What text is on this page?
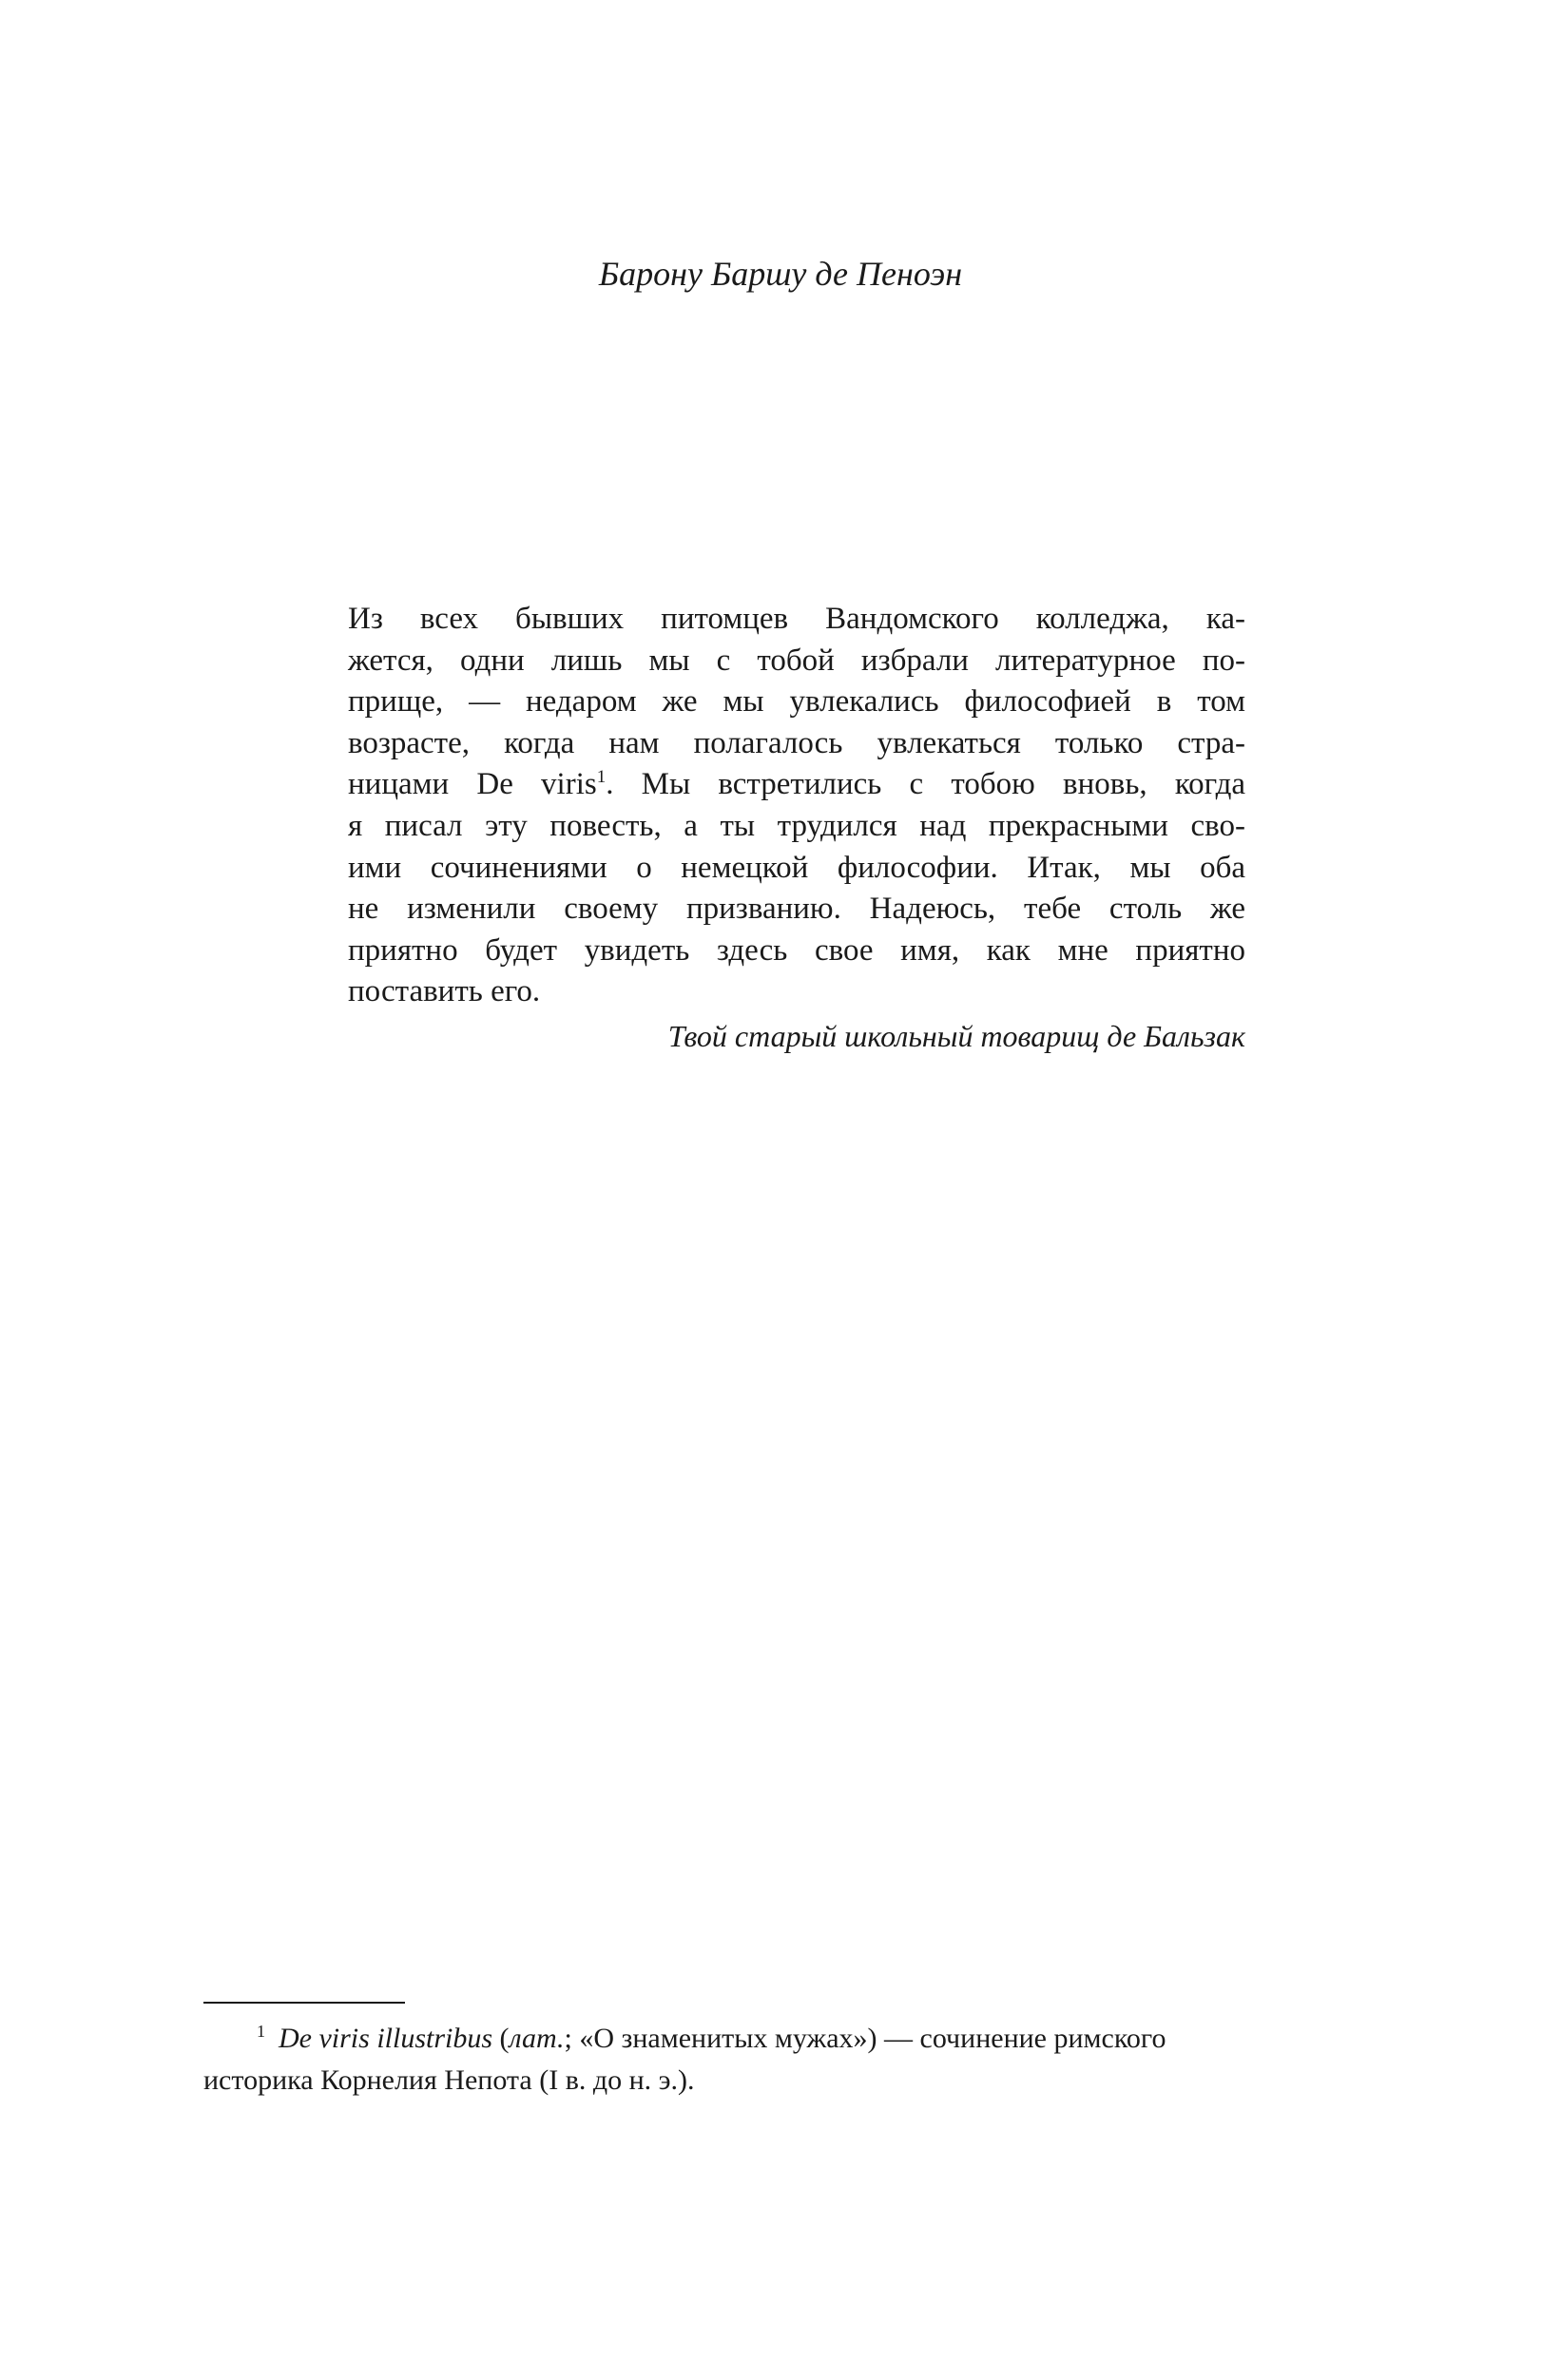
Барону Баршу де Пеноэн

Из всех бывших питомцев Вандомского колледжа, ка-
жется, одни лишь мы с тобой избрали литературное по-
прище, — недаром же мы увлекались философией в том
возрасте, когда нам полагалось увлекаться только стра-
ницами De viris$^1$. Мы встретились с тобою вновь, когда
я писал эту повесть, а ты трудился над прекрасными сво-
ими сочинениями о немецкой философии. Итак, мы оба
не изменили своему призванию. Надеюсь, тебе столь же
приятно будет увидеть здесь свое имя, как мне приятно
поставить его.

Твой старый школьный товарищ де Бальзак

$^1$ De viris illustribus (лат.; «О знаменитых мужах») — сочинение римского
историка Корнелия Непота (I в. до н. э.).
